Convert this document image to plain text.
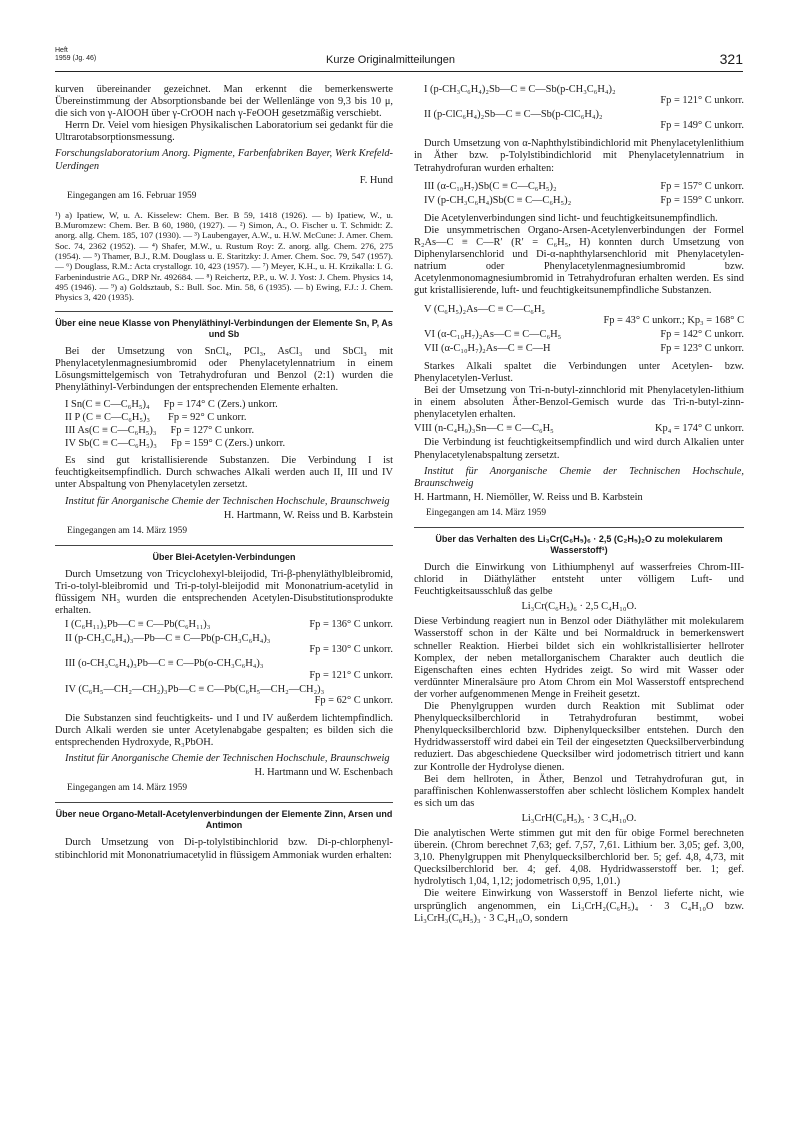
Heft
1959 (Jg. 46)	Kurze Originalmitteilungen	321

kurven übereinander gezeichnet. Man erkennt die bemerkenswerte Übereinstimmung der Absorptionsbande bei der Wellenlänge von 9,3 bis 10 μ, die sich von γ-AlOOH über γ-CrOOH nach γ-FeOOH gesetzmäßig verschiebt.

Herrn Dr. Veiel vom hiesigen Physikalischen Laboratorium sei gedankt für die Ultrarotabsorptionsmessung.

Forschungslaboratorium Anorg. Pigmente, Farbenfabriken Bayer, Werk Krefeld-Uerdingen

F. Hund
Eingegangen am 16. Februar 1959
¹) a) Ipatiew, W, u. A. Kisselew: Chem. Ber. B 59, 1418 (1926). — b) Ipatiew, W., u. B.Muromzew: Chem. Ber. B 60, 1980, (1927). — ²) Simon, A., O. Fischer u. T. Schmidt: Z. anorg. allg. Chem. 185, 107 (1930). — ³) Laubengayer, A.W., u. H.W. McCune: J. Amer. Chem. Soc. 74, 2362 (1952). — ⁴) Shafer, M.W., u. Rustum Roy: Z. anorg. allg. Chem. 276, 275 (1954). — ⁵) Thamer, B.J., R.M. Douglass u. E. Staritzky: J. Amer. Chem. Soc. 79, 547 (1957). — ⁶) Douglass, R.M.: Acta crystallogr. 10, 423 (1957). — ⁷) Meyer, K.H., u. H. Krzikalla: I. G. Farbenindustrie AG., DRP Nr. 492684. — ⁸) Reichertz, P.P., u. W. J. Yost: J. Chem. Physics 14, 495 (1946). — ⁹) a) Goldsztaub, S.: Bull. Soc. Min. 58, 6 (1935). — b) Ewing, F.J.: J. Chem. Physics 3, 420 (1935).
Über eine neue Klasse von Phenyläthinyl-Verbindungen der Elemente Sn, P, As und Sb

Bei der Umsetzung von SnCl₄, PCl₃, AsCl₃ und SbCl₃ mit Phenylacetylenmagnesiumbromid oder Phenylacetylennatrium in einem Lösungsmittelgemisch von Tetrahydrofuran und Benzol (2:1) wurden die Phenyläthinyl-Verbindungen der entsprechenden Elemente erhalten.

I Sn(C ≡ C—C₆H₅)₄ Fp = 174° C (Zers.) unkorr.
II P (C ≡ C—C₆H₅)₃ Fp = 92° C unkorr.
III As(C ≡ C—C₆H₅)₃ Fp = 127° C unkorr.
IV Sb(C ≡ C—C₆H₅)₃ Fp = 159° C (Zers.) unkorr.

Es sind gut kristallisierende Substanzen. Die Verbindung I ist feuchtigkeitsempfindlich. Durch schwaches Alkali werden auch II, III und IV unter Abspaltung von Phenylacetylen zersetzt.

Institut für Anorganische Chemie der Technischen Hochschule, Braunschweig

H. Hartmann, W. Reiss und B. Karbstein
Eingegangen am 14. März 1959
Über Blei-Acetylen-Verbindungen

Durch Umsetzung von Tricyclohexyl-bleijodid, Tri-β-phenyläthylbleibromid, Tri-o-tolyl-bleibromid und Tri-p-tolyl-bleijodid mit Mononatrium-acetylid in flüssigem NH₃ wurden die entsprechenden Acetylen-Disubstitutionsprodukte erhalten.

I (C₆H₁₁)₃Pb—C ≡ C—Pb(C₆H₁₁)₃	Fp = 136° C unkorr.
II (p-CH₃C₆H₄)₃—Pb—C ≡ C—Pb(p-CH₃C₆H₄)₃
Fp = 130° C unkorr.
III (o-CH₃C₆H₄)₃Pb—C ≡ C—Pb(o-CH₃C₆H₄)₃
Fp = 121° C unkorr.
IV (C₆H₅—CH₂—CH₂)₃Pb—C ≡ C—Pb(C₆H₅—CH₂—CH₂)₃
Fp = 62° C unkorr.

Die Substanzen sind feuchtigkeits- und I und IV außerdem lichtempfindlich. Durch Alkali werden sie unter Acetylenabgabe gespalten; es bilden sich die entsprechenden Hydroxyde, R₃PbOH.

Institut für Anorganische Chemie der Technischen Hochschule, Braunschweig

H. Hartmann und W. Eschenbach
Eingegangen am 14. März 1959
Über neue Organo-Metall-Acetylenverbindungen der Elemente Zinn, Arsen und Antimon

Durch Umsetzung von Di-p-tolylstibinchlorid bzw. Di-p-chlorphenyl-stibinchlorid mit Mononatriumacetylid in flüssigem Ammoniak wurden erhalten:

I (p-CH₃C₆H₄)₂Sb—C ≡ C—Sb(p-CH₃C₆H₄)₂
Fp = 121° C unkorr.
II (p-ClC₆H₄)₂Sb—C ≡ C—Sb(p-ClC₆H₄)₂
Fp = 149° C unkorr.

Durch Umsetzung von α-Naphthylstibindichlorid mit Phenylacetylenlithium in Äther bzw. p-Tolylstibindichlorid mit Phenylacetylennatrium in Tetrahydrofuran wurden erhalten:

III (α-C₁₀H₇)Sb(C ≡ C—C₆H₅)₂	Fp = 157° C unkorr.
IV (p-CH₃C₆H₄)Sb(C ≡ C—C₆H₅)₂	Fp = 159° C unkorr.

Die Acetylenverbindungen sind licht- und feuchtigkeitsunempfindlich.

Die unsymmetrischen Organo-Arsen-Acetylenverbindungen der Formel R₂As—C ≡ C—R′ (R′ = C₆H₅, H) konnten durch Umsetzung von Diphenylarsenchlorid und Di-α-naphthylarsenchlorid mit Phenylacetylen-natrium oder Phenylacetylenmagnesiumbromid bzw. Acetylenmonomagnesiumbromid in Tetrahydrofuran erhalten werden. Es sind gut kristallisierende, luft- und feuchtigkeitsunempfindliche Substanzen.

V (C₆H₅)₂As—C ≡ C—C₆H₅
Fp = 43° C unkorr.; Kp₃ = 168° C
VI (α-C₁₀H₇)₂As—C ≡ C—C₆H₅	Fp = 142° C unkorr.
VII (α-C₁₀H₇)₂As—C ≡ C—H	Fp = 123° C unkorr.

Starkes Alkali spaltet die Verbindungen unter Acetylen- bzw. Phenylacetylen-Verlust.

Bei der Umsetzung von Tri-n-butyl-zinnchlorid mit Phenylacetylen-lithium in einem absoluten Äther-Benzol-Gemisch wurde das Tri-n-butyl-zinn-phenylacetylen erhalten.

VIII (n-C₄H₉)₃Sn—C ≡ C—C₆H₅	Kp₄ = 174° C unkorr.

Die Verbindung ist feuchtigkeitsempfindlich und wird durch Alkalien unter Phenylacetylenabspaltung zersetzt.

Institut für Anorganische Chemie der Technischen Hochschule, Braunschweig

H. Hartmann, H. Niemöller, W. Reiss und B. Karbstein
Eingegangen am 14. März 1959
Über das Verhalten des Li₃Cr(C₆H₅)₆ · 2,5 (C₂H₅)₂O zu molekularem Wasserstoff¹)

Durch die Einwirkung von Lithiumphenyl auf wasserfreies Chrom-III-chlorid in Diäthyläther entsteht unter völligem Luft- und Feuchtigkeitsausschluß das gelbe

Li₃Cr(C₆H₅)₆ · 2,5 C₄H₁₀O.

Diese Verbindung reagiert nun in Benzol oder Diäthyläther mit molekularem Wasserstoff schon in der Kälte und bei Normaldruck in bemerkenswert schneller Reaktion. Hierbei bildet sich ein wohlkristallisierter hellroter Komplex, der neben metallorganischem Charakter auch deutlich die Eigenschaften eines echten Hydrides zeigt. So wird mit Wasser oder verdünnter Mineralsäure pro Atom Chrom ein Mol Wasserstoff entsprechend der vorher aufgenommenen Menge in Freiheit gesetzt.

Die Phenylgruppen wurden durch Reaktion mit Sublimat oder Phenylquecksilberchlorid in Tetrahydrofuran bestimmt, wobei Phenylquecksilberchlorid bzw. Diphenylquecksilber entstehen. Durch den Hydridwasserstoff wird dabei ein Teil der eingesetzten Quecksilberverbindung reduziert. Das abgeschiedene Quecksilber wird jodometrisch titriert und kann zur Kontrolle der Hydrolyse dienen.

Bei dem hellroten, in Äther, Benzol und Tetrahydrofuran gut, in paraffinischen Kohlenwasserstoffen aber schlecht löslichem Komplex handelt es sich um das

Li₃CrH(C₆H₅)₅ · 3 C₄H₁₀O.

Die analytischen Werte stimmen gut mit den für obige Formel berechneten überein. (Chrom berechnet 7,63; gef. 7,57, 7,61. Lithium ber. 3,05; gef. 3,00, 3,10. Phenylgruppen mit Phenylquecksilberchlorid ber. 5; gef. 4,8, 4,73, mit Quecksilberchlorid ber. 4; gef. 4,08. Hydridwasserstoff ber. 1; gef. hydrolytisch 1,04, 1,12; jodometrisch 0,95, 1,01.)

Die weitere Einwirkung von Wasserstoff in Benzol lieferte nicht, wie ursprünglich angenommen, ein Li₃CrH₂(C₆H₅)₄ · 3 C₄H₁₀O bzw. Li₃CrH₃(C₆H₅)₃ · 3 C₄H₁₀O, sondern
